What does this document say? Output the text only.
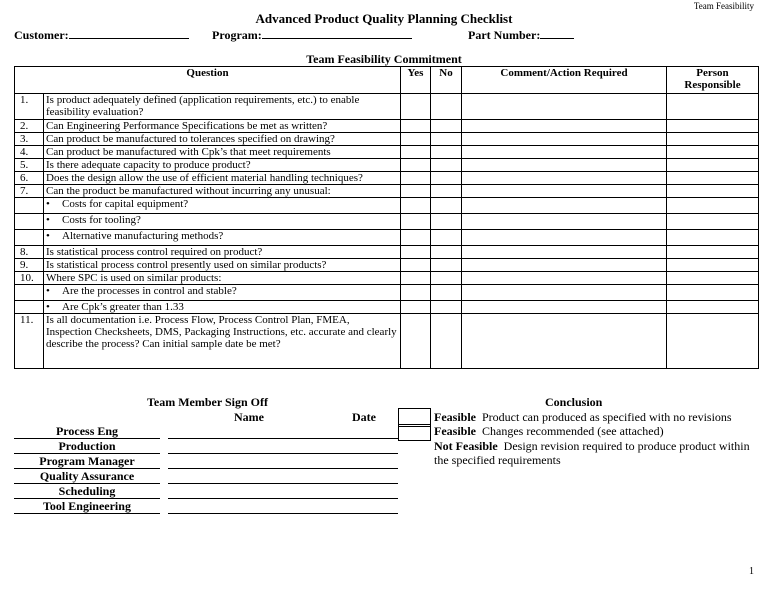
Team Feasibility
Advanced Product Quality Planning Checklist
Customer:	Program:	Part Number:
Team Feasibility Commitment
Question		Yes	No	Comment/Action Required	Person
Responsible
1.	Is product adequately defined (application requirements, etc.) to enable feasibility evaluation?				
2.	Can Engineering Performance Specifications be met as written?				
3.	Can product be manufactured to tolerances specified on drawing?				
4.	Can product be manufactured with Cpk’s that meet requirements				
5.	Is there adequate capacity to produce product?				
6.	Does the design allow the use of efficient material handling techniques?				
7.	Can the product be manufactured without incurring any unusual:				
	• Costs for capital equipment?				
	• Costs for tooling?				
	• Alternative manufacturing methods?				
8.	Is statistical process control required on product?				
9.	Is statistical process control presently used on similar products?				
10.	Where SPC is used on similar products:				
	• Are the processes in control and stable?				
	• Are Cpk’s greater than 1.33				
11.	Is all documentation i.e. Process Flow, Process Control Plan, FMEA, Inspection Checksheets, DMS, Packaging Instructions, etc. accurate and clearly describe the process? Can initial sample date be met?				
Team Member Sign Off
Name	Date
Conclusion
Process Eng
Production
Program Manager
Quality Assurance
Scheduling
Tool Engineering
Feasible Product can produced as specified with no revisions
Feasible Changes recommended (see attached)
Not Feasible Design revision required to produce product within the specified requirements
1
